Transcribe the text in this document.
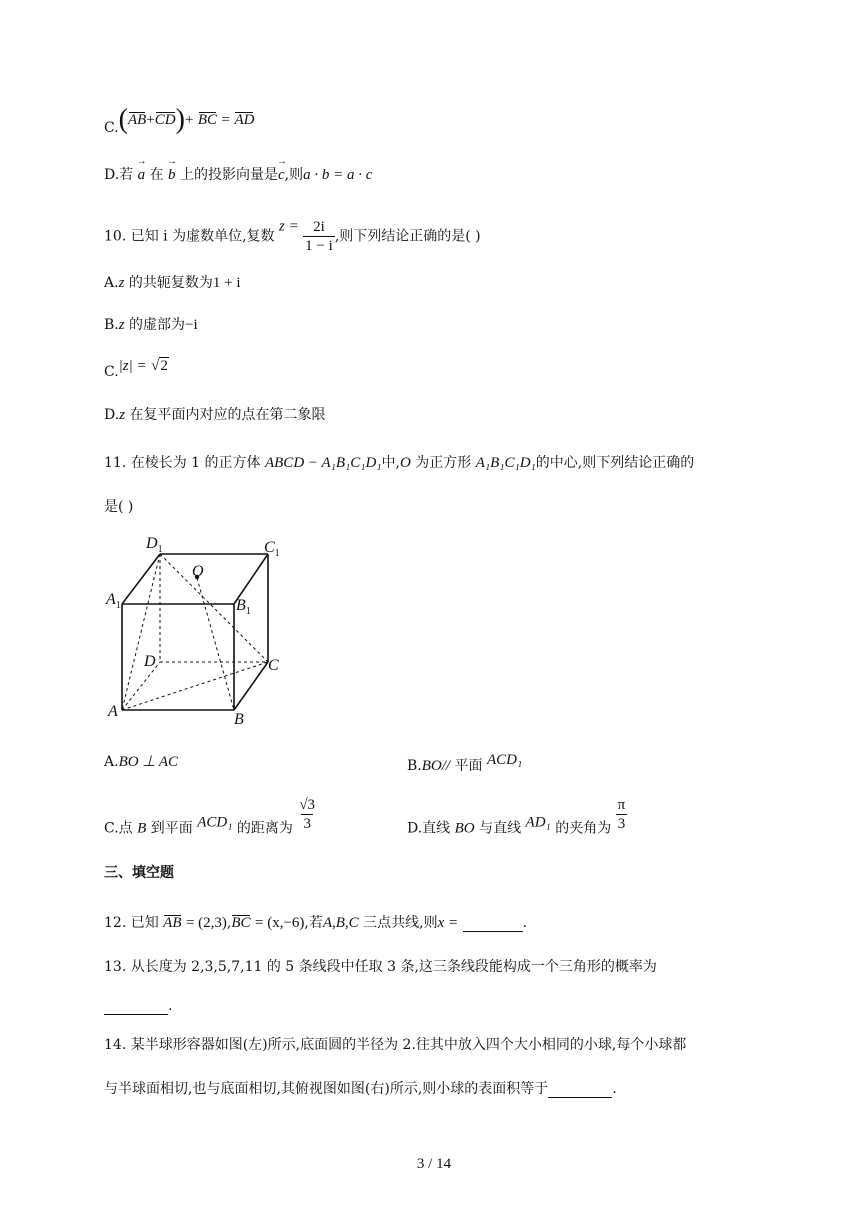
C.(AB+CD)+ BC = AD
D.若 → a 在 → b 上的投影向量是→ c,则a · b = a · c
10. 已知 i 为虚数单位,复数 $z = \frac{2i}{1 - i}$ ,则下列结论正确的是( )
A.z 的共轭复数为1 + i
B.z 的虚部为−i
C.|z| = √2
D.z 在复平面内对应的点在第二象限
11. 在棱长为 1 的正方体 ABCD − A₁B₁C₁D₁中,O 为正方形 A₁B₁C₁D₁的中心,则下列结论正确的
是( )
$D_1$	$C_1$
O
$A_1$	$B_1$
D	C
A	B
A.BO ⊥ AC	B.BO// 平面 ACD₁
C.点 B 到平面 ACD₁ 的距离为 $\frac{√3}{3}$	D.直线 BO 与直线 AD₁ 的夹角为 $\frac{\pi}{3}$
三、填空题
12. 已知 AB = (2,3),BC = (x,−6),若A,B,C 三点共线,则x =	.
13. 从长度为 2,3,5,7,11 的 5 条线段中任取 3 条,这三条线段能构成一个三角形的概率为
.
14. 某半球形容器如图(左)所示,底面圆的半径为 2.往其中放入四个大小相同的小球,每个小球都
与半球面相切,也与底面相切,其俯视图如图(右)所示,则小球的表面积等于	.
3 / 14
